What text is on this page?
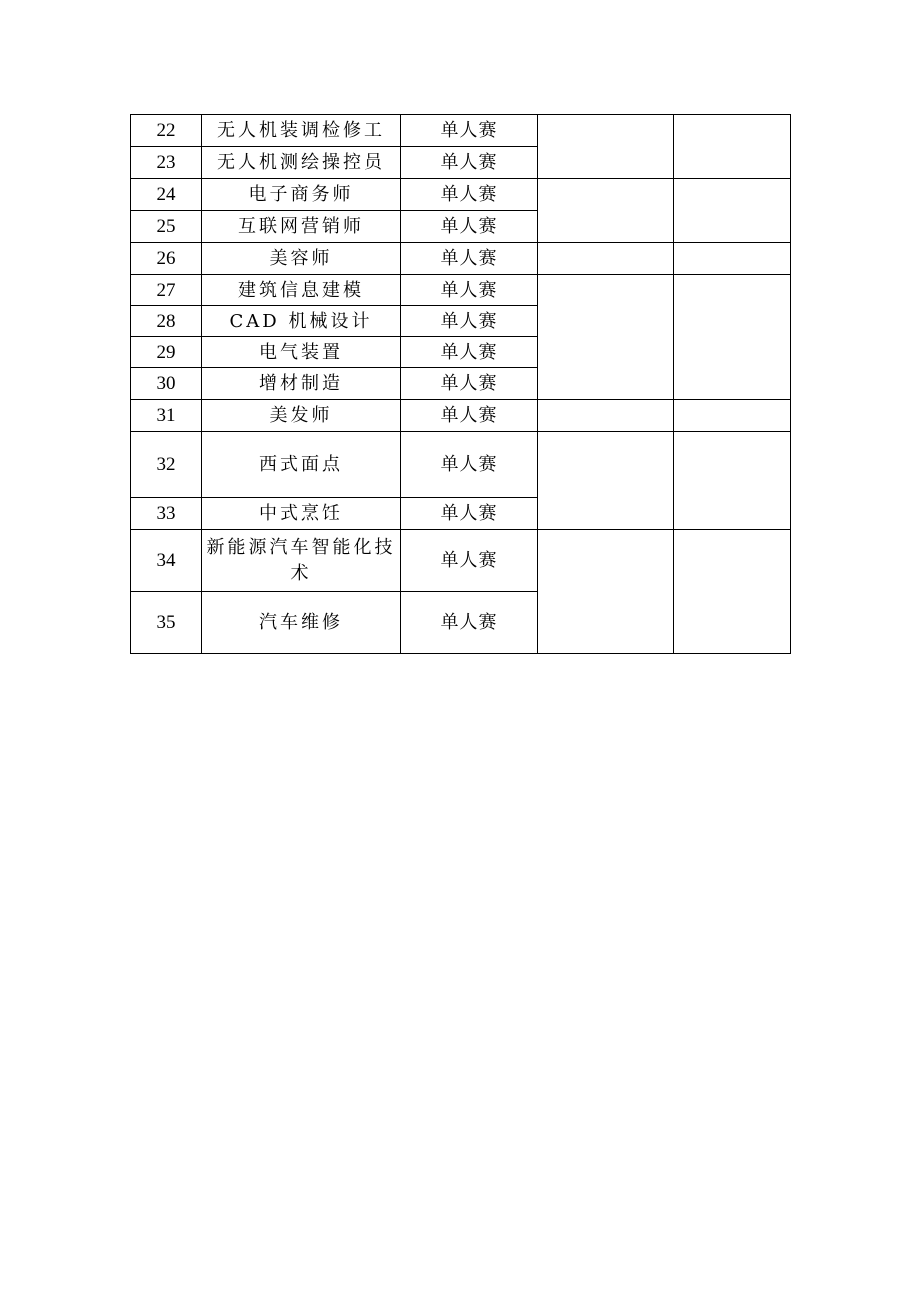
22	无人机装调检修工	单人赛		
23	无人机测绘操控员	单人赛		
24	电子商务师	单人赛		
25	互联网营销师	单人赛		
26	美容师	单人赛		
27	建筑信息建模	单人赛		
28	CAD 机械设计	单人赛		
29	电气装置	单人赛		
30	增材制造	单人赛		
31	美发师	单人赛		
32	西式面点	单人赛		
33	中式烹饪	单人赛		
34	新能源汽车智能化技术	单人赛		
35	汽车维修	单人赛		
